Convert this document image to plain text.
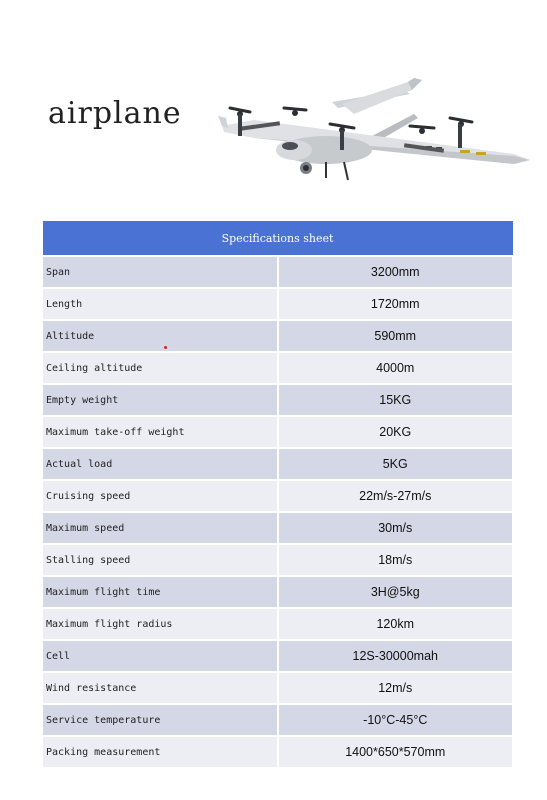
airplane
Specifications sheet	
Span	3200mm
Length	1720mm
Altitude	590mm
Ceiling altitude	4000m
Empty weight	15KG
Maximum take-off weight	20KG
Actual load	5KG
Cruising speed	22m/s-27m/s
Maximum speed	30m/s
Stalling speed	18m/s
Maximum flight time	3H@5kg
Maximum flight radius	120km
Cell	12S-30000mah
Wind resistance	12m/s
Service temperature	-10°C-45°C
Packing measurement	1400*650*570mm
